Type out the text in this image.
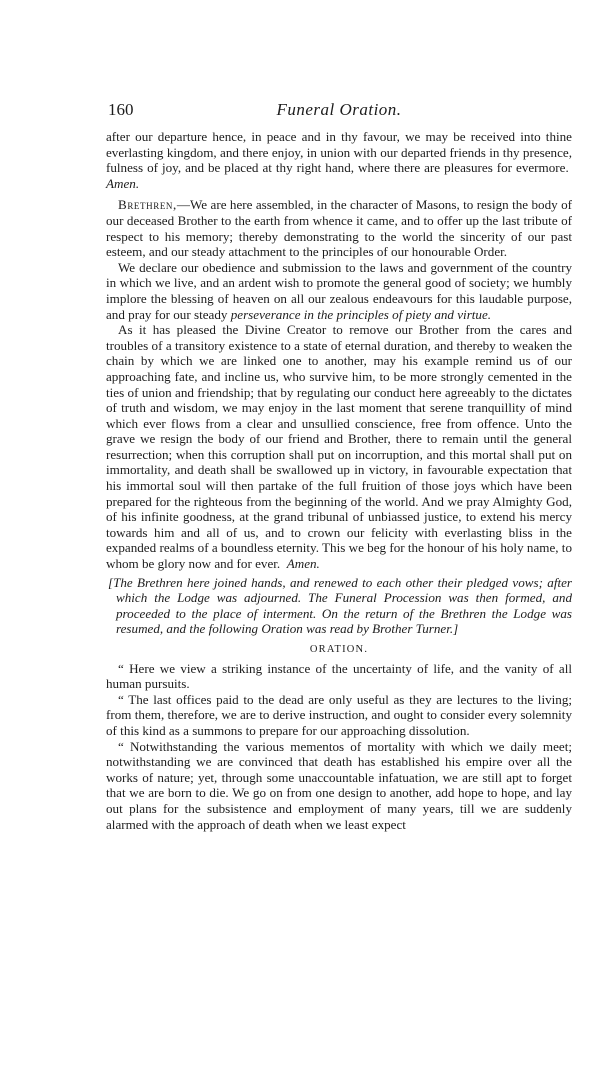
160	Funeral Oration.

after our departure hence, in peace and in thy favour, we may be received into thine everlasting kingdom, and there enjoy, in union with our departed friends in thy presence, fulness of joy, and be placed at thy right hand, where there are pleasures for evermore.  Amen.

Brethren,—We are here assembled, in the character of Masons, to resign the body of our deceased Brother to the earth from whence it came, and to offer up the last tribute of respect to his memory; thereby demonstrating to the world the sincerity of our past esteem, and our steady attachment to the principles of our honourable Order.

We declare our obedience and submission to the laws and government of the country in which we live, and an ardent wish to promote the general good of society; we humbly implore the blessing of heaven on all our zealous endeavours for this laudable purpose, and pray for our steady perseverance in the principles of piety and virtue.

As it has pleased the Divine Creator to remove our Brother from the cares and troubles of a transitory existence to a state of eternal duration, and thereby to weaken the chain by which we are linked one to another, may his example remind us of our approaching fate, and incline us, who survive him, to be more strongly cemented in the ties of union and friendship; that by regulating our conduct here agreeably to the dictates of truth and wisdom, we may enjoy in the last moment that serene tranquillity of mind which ever flows from a clear and unsullied conscience, free from offence. Unto the grave we resign the body of our friend and Brother, there to remain until the general resurrection; when this corruption shall put on incorruption, and this mortal shall put on immortality, and death shall be swallowed up in victory, in favourable expectation that his immortal soul will then partake of the full fruition of those joys which have been prepared for the righteous from the beginning of the world. And we pray Almighty God, of his infinite goodness, at the grand tribunal of unbiassed justice, to extend his mercy towards him and all of us, and to crown our felicity with everlasting bliss in the expanded realms of a boundless eternity. This we beg for the honour of his holy name, to whom be glory now and for ever. Amen.

[The Brethren here joined hands, and renewed to each other their pledged vows; after which the Lodge was adjourned. The Funeral Procession was then formed, and proceeded to the place of interment. On the return of the Brethren the Lodge was resumed, and the following Oration was read by Brother Turner.]

ORATION.

“ Here we view a striking instance of the uncertainty of life, and the vanity of all human pursuits.

“ The last offices paid to the dead are only useful as they are lectures to the living; from them, therefore, we are to derive instruction, and ought to consider every solemnity of this kind as a summons to prepare for our approaching dissolution.

“ Notwithstanding the various mementos of mortality with which we daily meet; notwithstanding we are convinced that death has established his empire over all the works of nature; yet, through some unaccountable infatuation, we are still apt to forget that we are born to die. We go on from one design to another, add hope to hope, and lay out plans for the subsistence and employment of many years, till we are suddenly alarmed with the approach of death when we least expect
